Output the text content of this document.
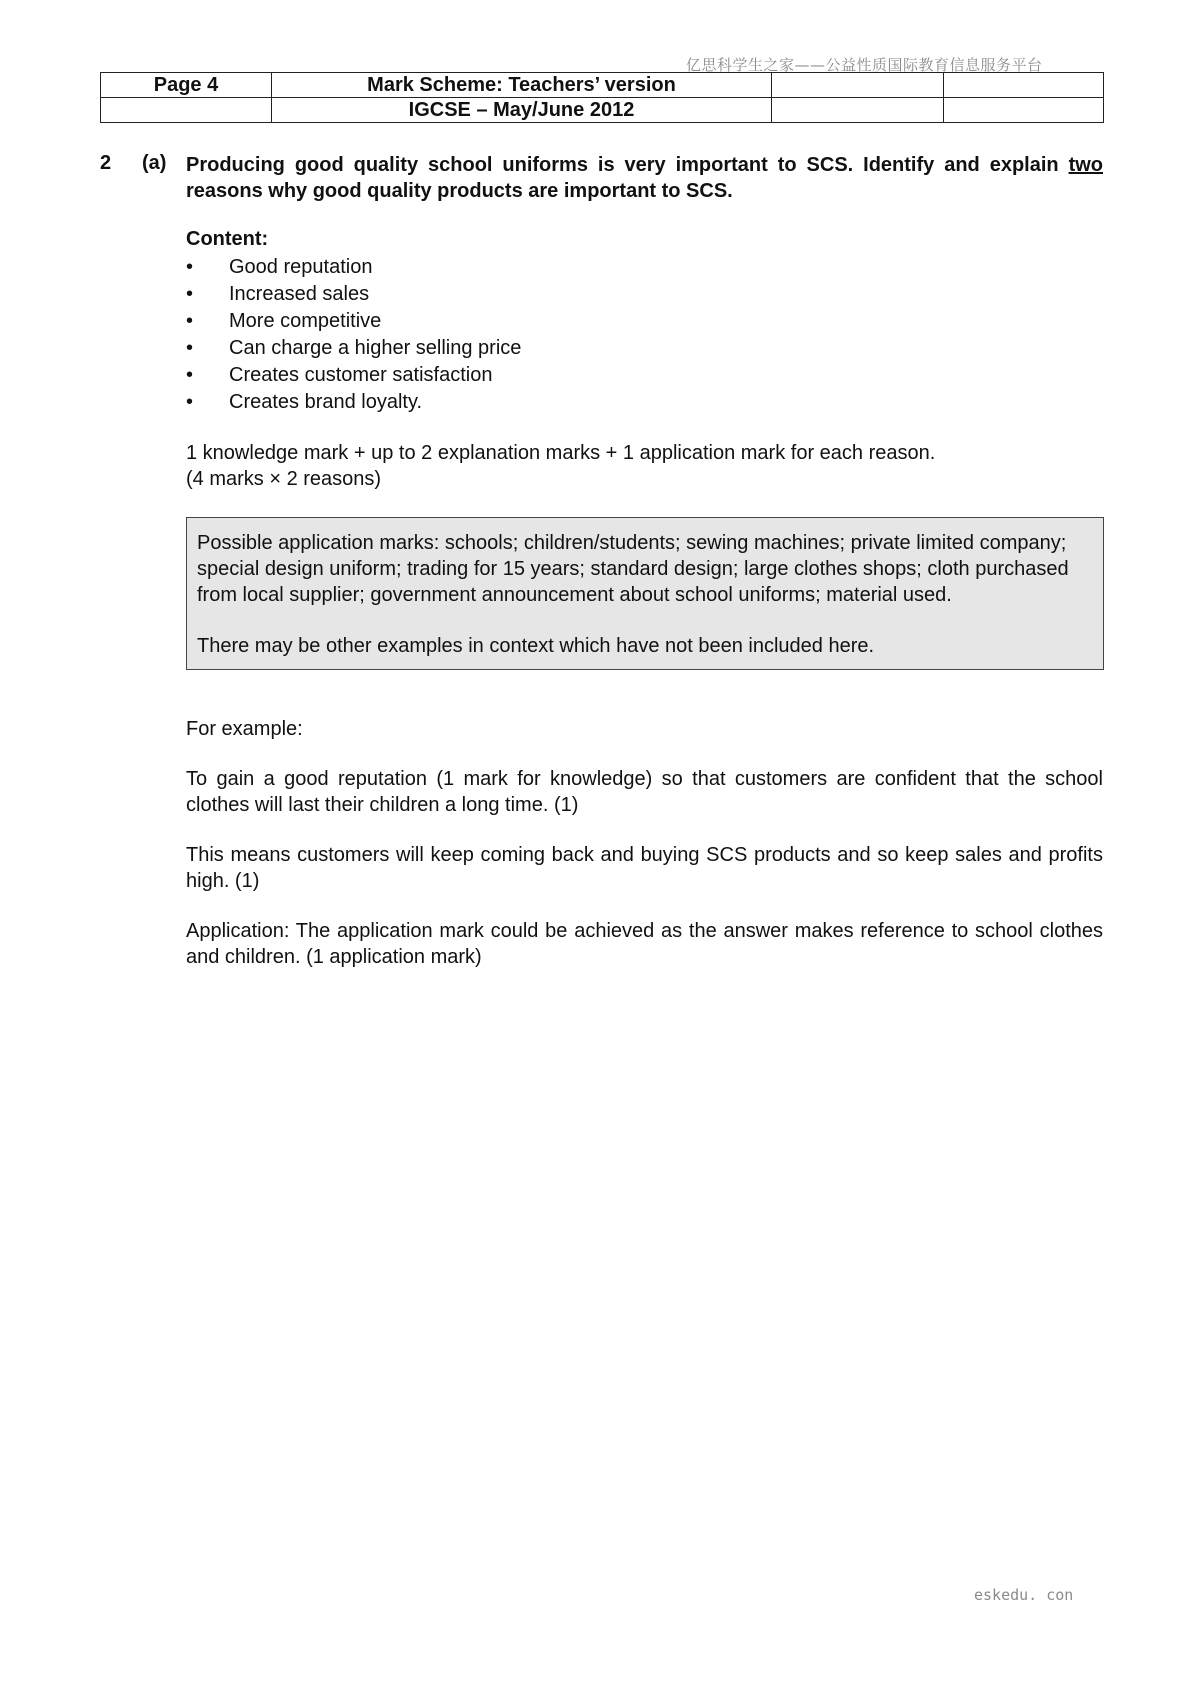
亿思科学生之家——公益性质国际教育信息服务平台
Page 4	Mark Scheme: Teachers’ version		
	IGCSE – May/June 2012		
2 (a) Producing good quality school uniforms is very important to SCS. Identify and explain two reasons why good quality products are important to SCS.
Content:
•	Good reputation
•	Increased sales
•	More competitive
•	Can charge a higher selling price
•	Creates customer satisfaction
•	Creates brand loyalty.
1 knowledge mark + up to 2 explanation marks + 1 application mark for each reason.
(4 marks × 2 reasons)

Possible application marks: schools; children/students; sewing machines; private limited company; special design uniform; trading for 15 years; standard design; large clothes shops; cloth purchased from local supplier; government announcement about school uniforms; material used.

There may be other examples in context which have not been included here.

For example:
To gain a good reputation (1 mark for knowledge) so that customers are confident that the school clothes will last their children a long time. (1)
This means customers will keep coming back and buying SCS products and so keep sales and profits high. (1)
Application: The application mark could be achieved as the answer makes reference to school clothes and children. (1 application mark)
eskedu. con
